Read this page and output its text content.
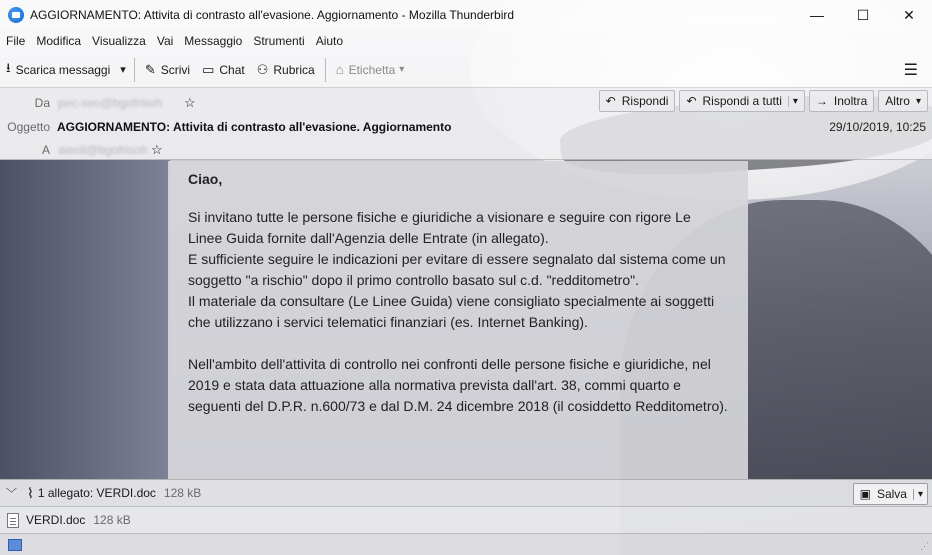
AGGIORNAMENTO: Attivita di contrasto all'evasione. Aggiornamento - Mozilla Thunderbird	—	☐	✕
File Modifica Visualizza Vai Messaggio Strumenti Aiuto
⭳ Scarica messaggi ▾	✎ Scrivi ▭ Chat ⚇ Rubrica ⌂ Etichetta ▾	☰
Da pec-seo@bgofrisoh ☆
Oggetto AGGIORNAMENTO: Attivita di contrasto all'evasione. Aggiornamento	29/10/2019, 10:25
A aieoli@bgofrisoh ☆
↶ Rispondi ↶ Rispondi a tutti	▾ → Inoltra Altro ▾

Ciao,

Si invitano tutte le persone fisiche e giuridiche a visionare e seguire con rigore Le Linee Guida fornite dall'Agenzia delle Entrate (in allegato).
E sufficiente seguire le indicazioni per evitare di essere segnalato dal sistema come un soggetto "a rischio" dopo il primo controllo basato sul c.d. "redditometro".
Il materiale da consultare (Le Linee Guida) viene consigliato specialmente ai soggetti che utilizzano i servici telematici finanziari (es. Internet Banking).

Nell'ambito dell'attivita di controllo nei confronti delle persone fisiche e giuridiche, nel 2019 e stata data attuazione alla normativa prevista dall'art. 38, commi quarto e seguenti del D.P.R. n.600/73 e dal D.M. 24 dicembre 2018 (il cosiddetto Redditometro).

﹀ ⌇ 1 allegato: VERDI.doc 128 kB	▣ Salva	▾
VERDI.doc 128 kB
⋰
